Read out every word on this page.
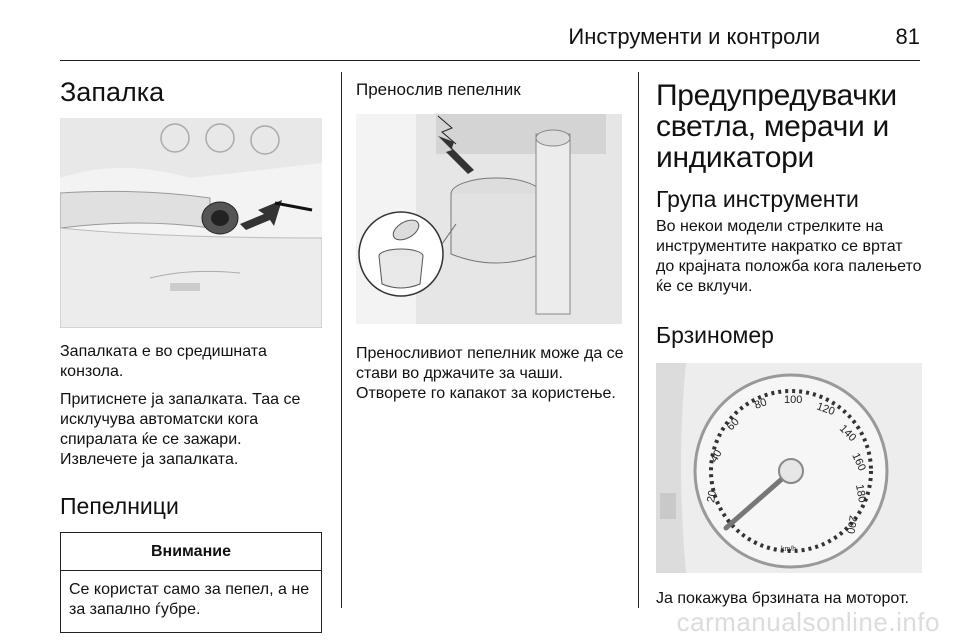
Инструменти и контроли	81
Запалка

Запалката е во средишната конзола.

Притиснете ја запалката. Таа се исклучува автоматски кога спиралата ќе се зажари. Извлечете ја запалката.

Пепелници
Внимание
Се користат само за пепел, а не за запално ѓубре.
Пренослив пепелник

Преносливиот пепелник може да се стави во држачите за чаши. Отворете го капакот за користење.

Предупредувачки светла, мерачи и индикатори
Група инструменти

Во некои модели стрелките на инструментите накратко се вртат до крајната положба кога палењето ќе се вклучи.

Брзиномер
20
40
60
80 100
120
140
160
180
200
km/h

Ја покажува брзината на моторот.

carmanualsonline.info
